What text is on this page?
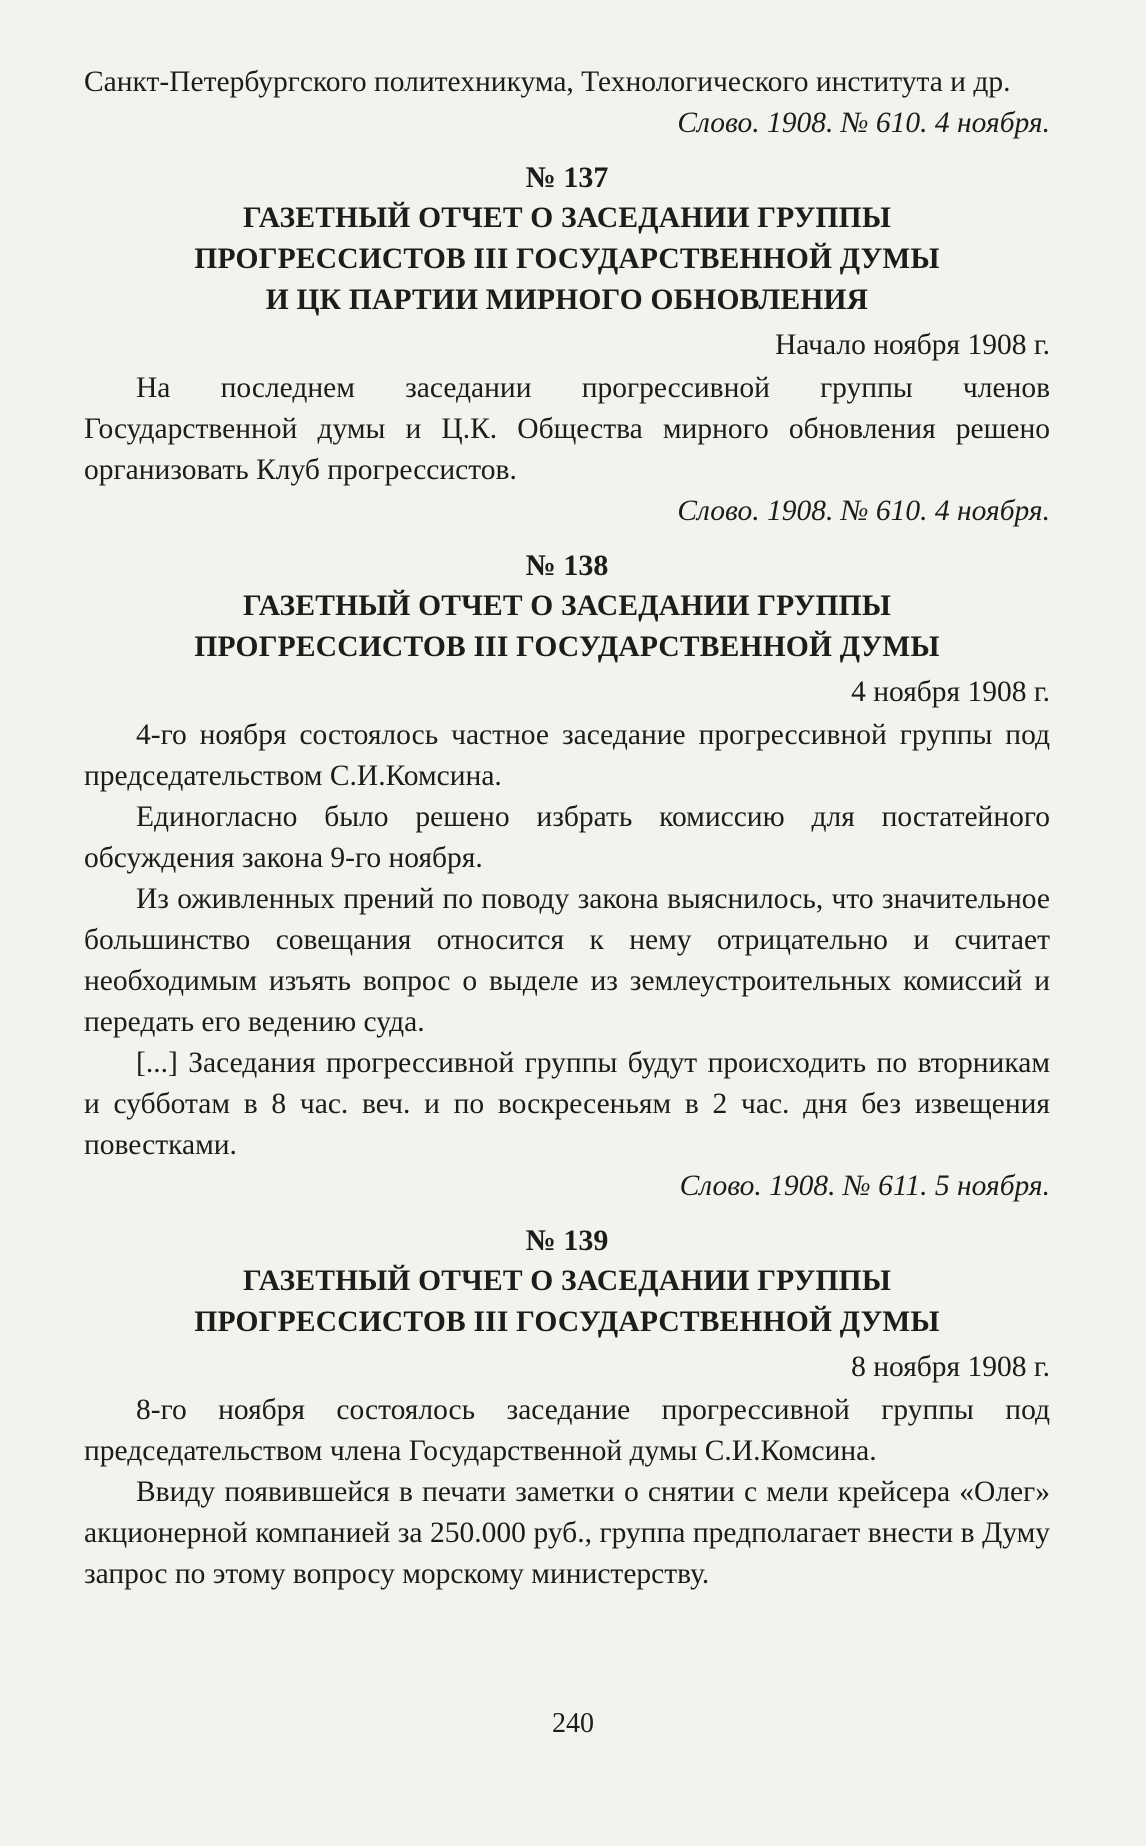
Санкт-Петербургского политехникума, Технологического института и др.

Слово. 1908. № 610. 4 ноября.

№ 137

ГАЗЕТНЫЙ ОТЧЕТ О ЗАСЕДАНИИ ГРУППЫ

ПРОГРЕССИСТОВ III ГОСУДАРСТВЕННОЙ ДУМЫ

И ЦК ПАРТИИ МИРНОГО ОБНОВЛЕНИЯ

Начало ноября 1908 г.

На последнем заседании прогрессивной группы членов Государственной думы и Ц.К. Общества мирного обновления решено организовать Клуб прогрессистов.

Слово. 1908. № 610. 4 ноября.

№ 138

ГАЗЕТНЫЙ ОТЧЕТ О ЗАСЕДАНИИ ГРУППЫ

ПРОГРЕССИСТОВ III ГОСУДАРСТВЕННОЙ ДУМЫ

4 ноября 1908 г.

4-го ноября состоялось частное заседание прогрессивной группы под председательством С.И.Комсина.

Единогласно было решено избрать комиссию для постатейного обсуждения закона 9-го ноября.

Из оживленных прений по поводу закона выяснилось, что значительное большинство совещания относится к нему отрицательно и считает необходимым изъять вопрос о выделе из землеустроительных комиссий и передать его ведению суда.

[...] Заседания прогрессивной группы будут происходить по вторникам и субботам в 8 час. веч. и по воскресеньям в 2 час. дня без извещения повестками.

Слово. 1908. № 611. 5 ноября.

№ 139

ГАЗЕТНЫЙ ОТЧЕТ О ЗАСЕДАНИИ ГРУППЫ

ПРОГРЕССИСТОВ III ГОСУДАРСТВЕННОЙ ДУМЫ

8 ноября 1908 г.

8-го ноября состоялось заседание прогрессивной группы под председательством члена Государственной думы С.И.Комсина.

Ввиду появившейся в печати заметки о снятии с мели крейсера «Олег» акционерной компанией за 250.000 руб., группа предполагает внести в Думу запрос по этому вопросу морскому министерству.

240
